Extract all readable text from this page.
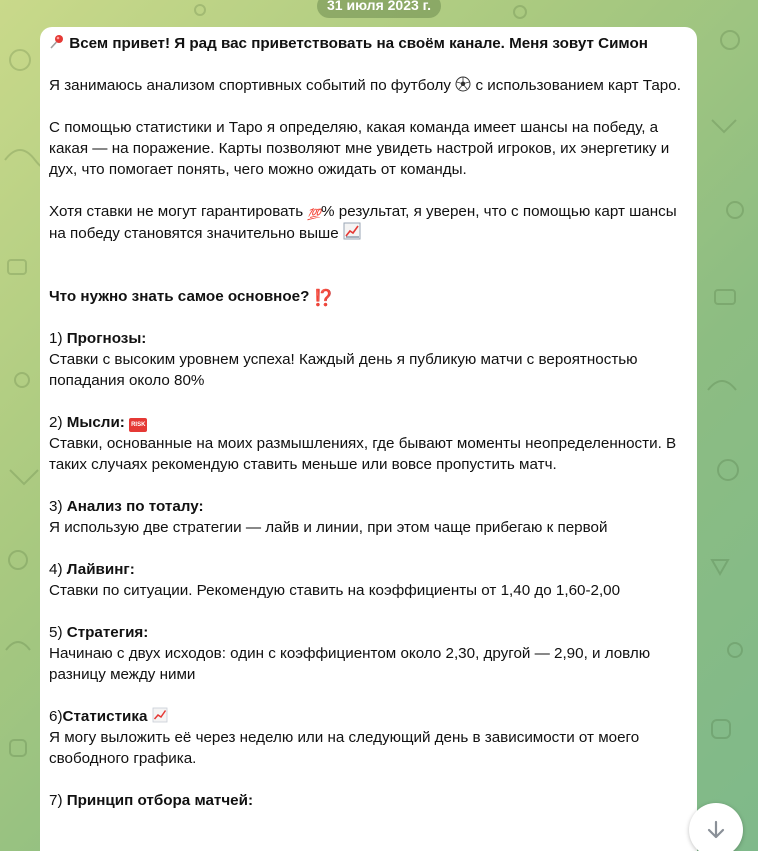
31 июля 2023 г.

Всем привет! Я рад вас приветствовать на своём канале. Меня зовут Симон

Я занимаюсь анализом спортивных событий по футболу с использованием карт Таро.

С помощью статистики и Таро я определяю, какая команда имеет шансы на победу, а какая — на поражение. Карты позволяют мне увидеть настрой игроков, их энергетику и дух, что помогает понять, чего можно ожидать от команды.

Хотя ставки не могут гарантировать 💯% результат, я уверен, что с помощью карт шансы на победу становятся значительно выше

Что нужно знать самое основное? ⁉️

1) Прогнозы:
Ставки с высоким уровнем успеха! Каждый день я публикую матчи с вероятностью попадания около 80%

2) Мысли: RISK
Ставки, основанные на моих размышлениях, где бывают моменты неопределенности. В таких случаях рекомендую ставить меньше или вовсе пропустить матч.

3) Анализ по тоталу:
Я использую две стратегии — лайв и линии, при этом чаще прибегаю к первой

4) Лайвинг:
Ставки по ситуации. Рекомендую ставить на коэффициенты от 1,40 до 1,60-2,00

5) Стратегия:
Начинаю с двух исходов: один с коэффициентом около 2,30, другой — 2,90, и ловлю разницу между ними

6)Статистика
Я могу выложить её через неделю или на следующий день в зависимости от моего свободного графика.

7) Принцип отбора матчей:
